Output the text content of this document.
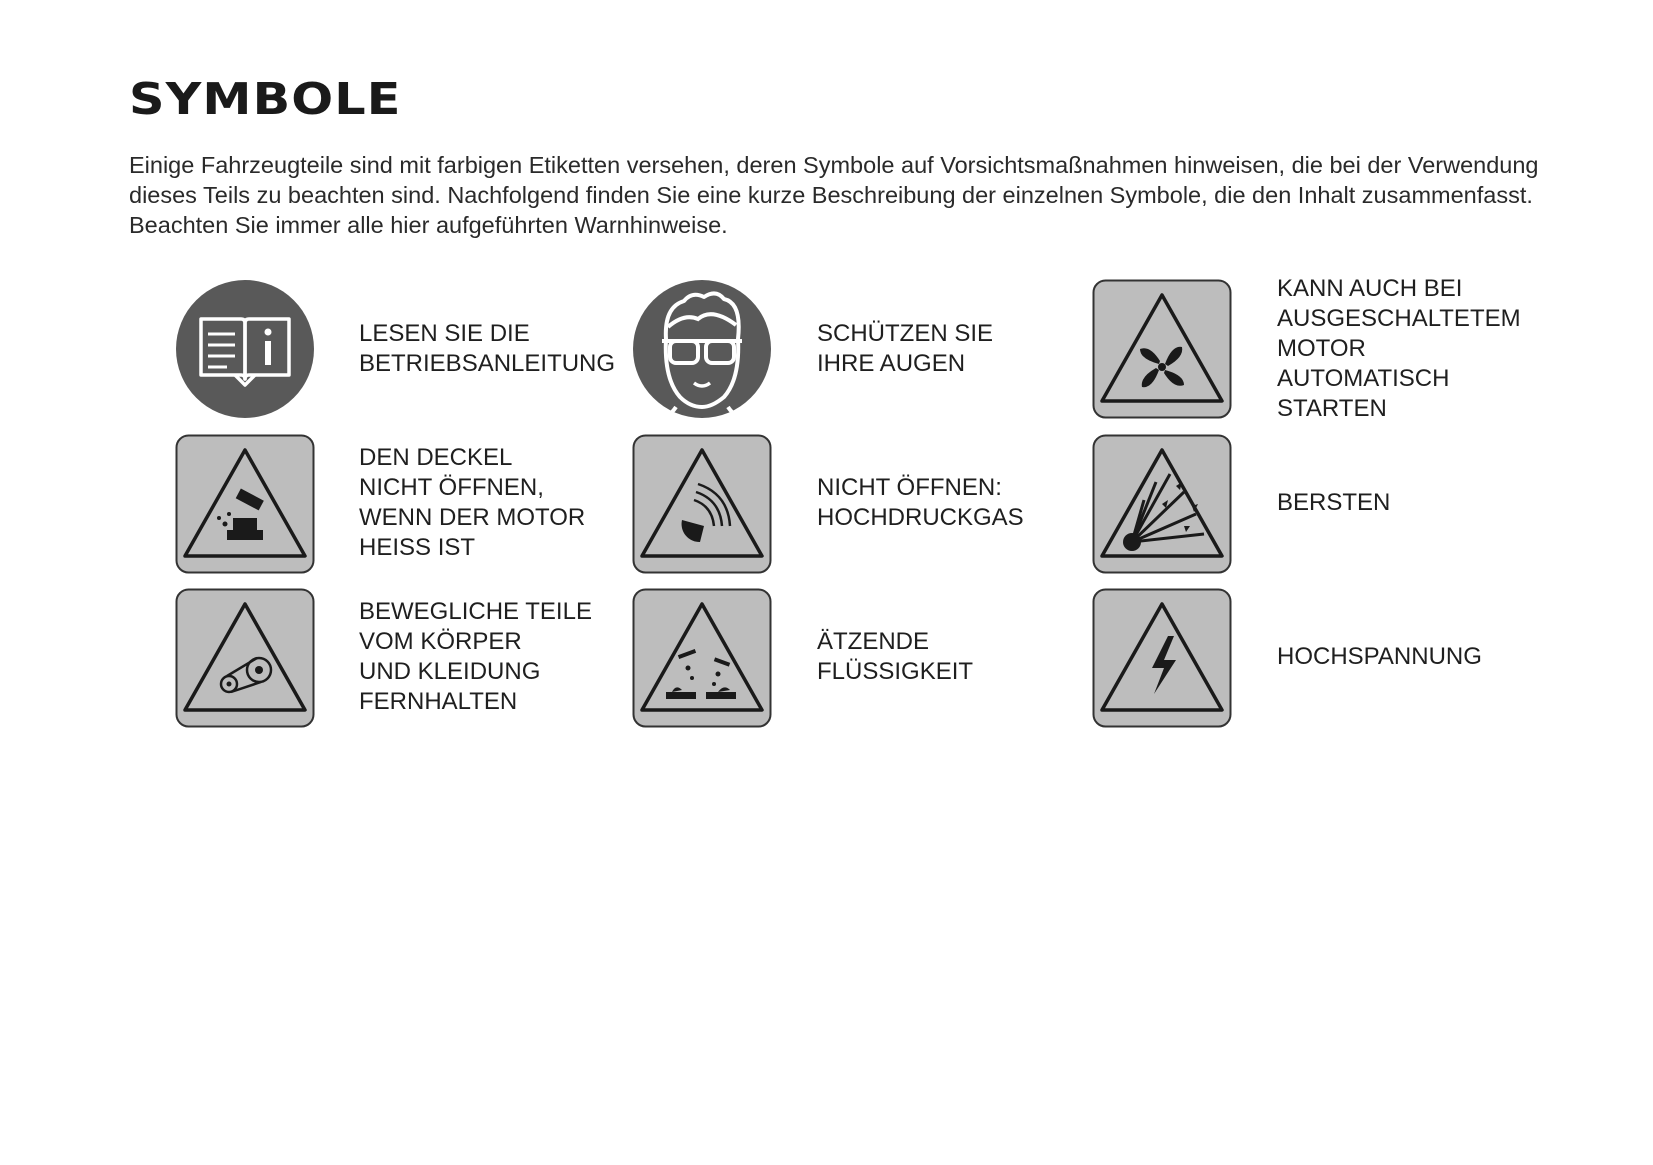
SYMBOLE

Einige Fahrzeugteile sind mit farbigen Etiketten versehen, deren Symbole auf Vorsichtsmaßnahmen hinweisen, die bei der Verwendung dieses Teils zu beachten sind. Nachfolgend finden Sie eine kurze Beschreibung der einzelnen Symbole, die den Inhalt zusammenfasst. Beachten Sie immer alle hier aufgeführten Warnhinweise.

LESEN SIE DIE
BETRIEBSANLEITUNG
SCHÜTZEN SIE
IHRE AUGEN
KANN AUCH BEI
AUSGESCHALTETEM
MOTOR
AUTOMATISCH
STARTEN
DEN DECKEL
NICHT ÖFFNEN,
WENN DER MOTOR
HEISS IST
NICHT ÖFFNEN:
HOCHDRUCKGAS
BERSTEN
BEWEGLICHE TEILE
VOM KÖRPER
UND KLEIDUNG
FERNHALTEN
ÄTZENDE
FLÜSSIGKEIT
HOCHSPANNUNG
